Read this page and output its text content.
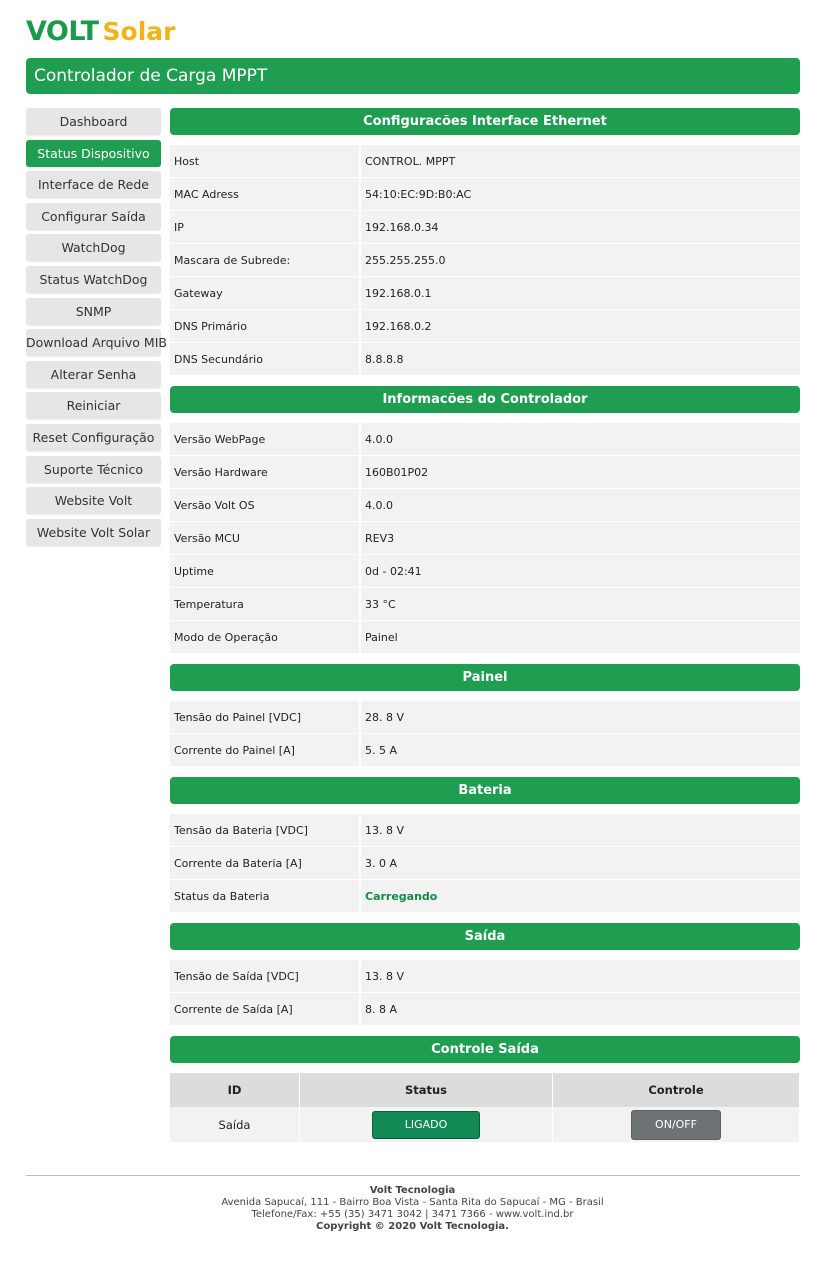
VOLT Solar
Controlador de Carga MPPT
Dashboard
Status Dispositivo
Interface de Rede
Configurar Saída
WatchDog
Status WatchDog
SNMP
Download Arquivo MIB
Alterar Senha
Reiniciar
Reset Configuração
Suporte Técnico
Website Volt
Website Volt Solar
Configuracões Interface Ethernet
Host	CONTROL. MPPT
MAC Adress	54:10:EC:9D:B0:AC
IP	192.168.0.34
Mascara de Subrede:	255.255.255.0
Gateway	192.168.0.1
DNS Primário	192.168.0.2
DNS Secundário	8.8.8.8
Informacões do Controlador
Versão WebPage	4.0.0
Versão Hardware	160B01P02
Versão Volt OS	4.0.0
Versão MCU	REV3
Uptime	0d - 02:41
Temperatura	33 °C
Modo de Operação	Painel
Painel
Tensão do Painel [VDC]	28. 8 V
Corrente do Painel [A]	5. 5 A
Bateria
Tensão da Bateria [VDC]	13. 8 V
Corrente da Bateria [A]	3. 0 A
Status da Bateria	Carregando
Saída
Tensão de Saída [VDC]	13. 8 V
Corrente de Saída [A]	8. 8 A
Controle Saída
ID	Status	Controle
Saída	LIGADO	ON/OFF
Volt Tecnologia
Avenida Sapucaí, 111 - Bairro Boa Vista - Santa Rita do Sapucaí - MG - Brasil
Telefone/Fax: +55 (35) 3471 3042 | 3471 7366 - www.volt.ind.br
Copyright © 2020 Volt Tecnologia.
